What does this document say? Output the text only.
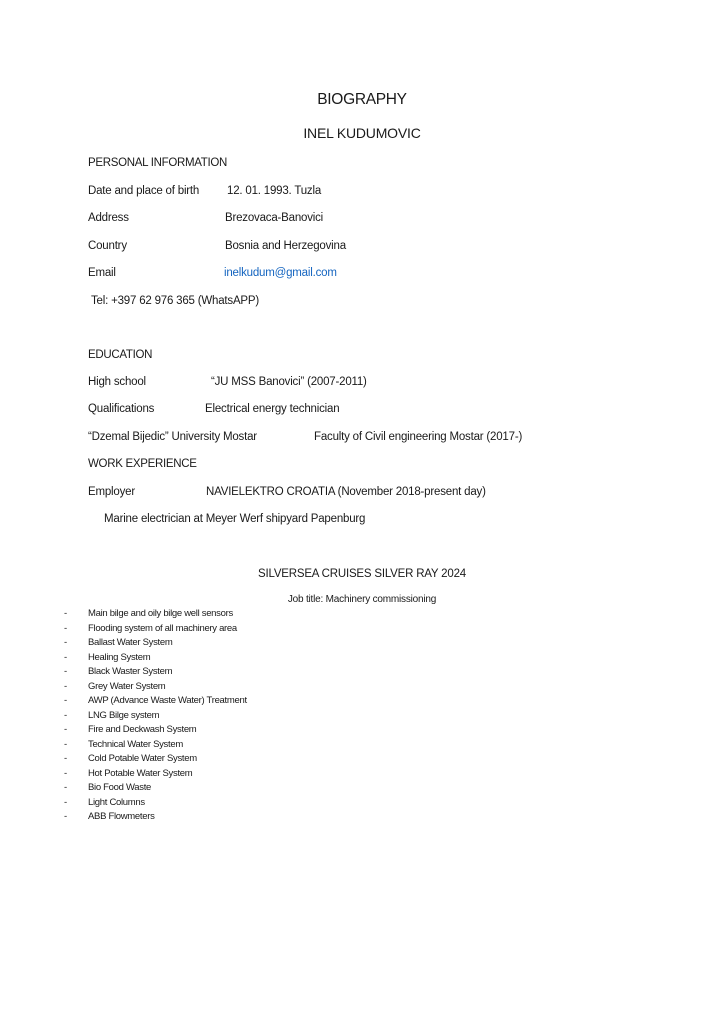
BIOGRAPHY
INEL KUDUMOVIC
PERSONAL INFORMATION
Date and place of birth 12. 01. 1993. Tuzla
Address	Brezovaca-Banovici
Country	Bosnia and Herzegovina
Email	inelkudum@gmail.com
Tel: +397 62 976 365 (WhatsAPP)
EDUCATION
High school	“JU MSS Banovici” (2007-2011)
Qualifications	Electrical energy technician
“Dzemal Bijedic” University Mostar	Faculty of Civil engineering Mostar (2017-)
WORK EXPERIENCE
Employer	NAVIELEKTRO CROATIA (November 2018-present day)
Marine electrician at Meyer Werf shipyard Papenburg
SILVERSEA CRUISES SILVER RAY 2024
Job title: Machinery commissioning
- Main bilge and oily bilge well sensors
- Flooding system of all machinery area
- Ballast Water System
- Healing System
- Black Waster System
- Grey Water System
- AWP (Advance Waste Water) Treatment
- LNG Bilge system
- Fire and Deckwash System
- Technical Water System
- Cold Potable Water System
- Hot Potable Water System
- Bio Food Waste
- Light Columns
- ABB Flowmeters
